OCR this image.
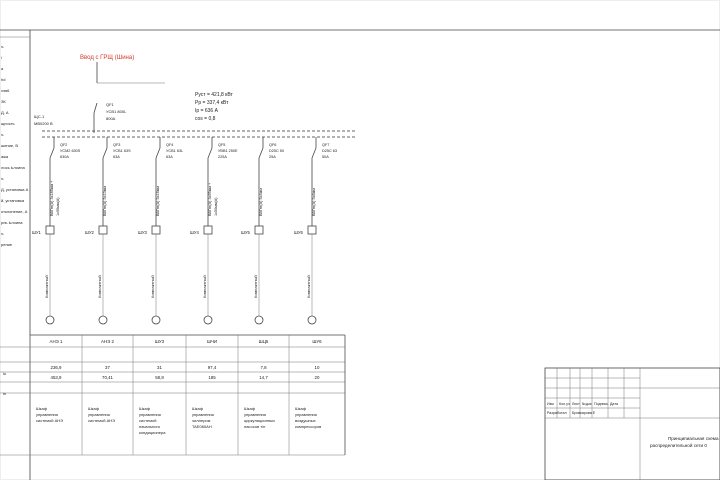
ъ
/
а
hd
хэя6
ЗК
Д, А
щность
ъ
шение, В
ажа
лось Ьлоина
ъ
Д, установка А
й, установка
отклонение, А
рль Ьлоина
ъ
рение
Ввод с ГРЩ (Шина)
QF1
УСВ1 800L
800A
ЩС-1
МВ0200 В
Руст = 421,8 кВт
Рр = 337,4 кВт
Ip = 636 А
cos = 0,8
QF2
УСМ2 630S
630A
ВВГнг(А) 3х185мм + 1х95мм(А)
ШУ1
Компактный
QF3
УСВ1 63S
63A
ВВГнг(А) 5х10мм
ШУ2
Компактный
QF4
УСВ1 63L
63A
ВВГнг(А) 5х16мм
ШУ3
Компактный
QF5
УВВ1 250Е
225A
ВВГнг(А) 3х95мм + 1х50мм(А)
ШУ4
Компактный
QF6
D25C 50
25A
ВВГнг(А) 5х4мм
ШУ5
Компактный
QF7
D25C 63
50A
ВВГнг(А) 5х6мм
ШУ6
Компактный
lu
in
АНЭ 1
236,9
453,9
Шкаф
управления
системой АНЭ
АНЭ 2
37
70,41
Шкаф
управления
системой АНЭ
ШУ3
31
58,8
Шкаф
управления
системой
начального
кондиционера
ШЧИ
97,4
185
Шкаф
управления
чиллером
TAE060AH
ШЦ5
7,8
14,7
Шкаф
управления
циркуляционных
насосов т/н
ШУ6
10
20
Шкаф
управления
воздушных
компрессоров
Изм Кол.уч Лист №док Подпись Дата
Разработал Бровкарова Е
Принципиальная схема
распределительной сети 0
